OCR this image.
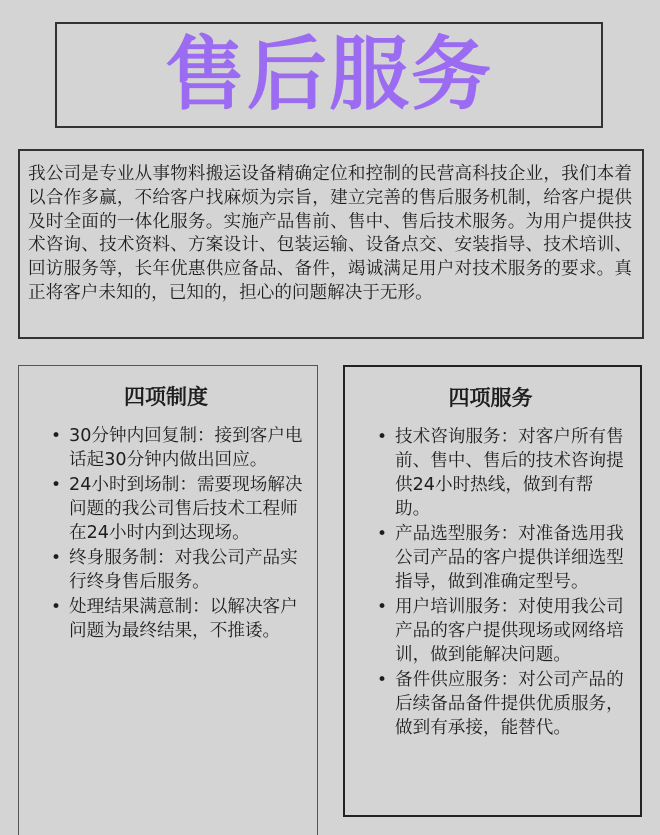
售后服务

我公司是专业从事物料搬运设备精确定位和控制的民营高科技企业，我们本着以合作多赢，不给客户找麻烦为宗旨，建立完善的售后服务机制，给客户提供及时全面的一体化服务。实施产品售前、售中、售后技术服务。为用户提供技术咨询、技术资料、方案设计、包装运输、设备点交、安装指导、技术培训、回访服务等，长年优惠供应备品、备件，竭诚满足用户对技术服务的要求。真正将客户未知的，已知的，担心的问题解决于无形。

四项制度
• 30分钟内回复制：接到客户电话起30分钟内做出回应。
• 24小时到场制：需要现场解决问题的我公司售后技术工程师在24小时内到达现场。
• 终身服务制：对我公司产品实行终身售后服务。
• 处理结果满意制：以解决客户问题为最终结果，不推诿。
四项服务
• 技术咨询服务：对客户所有售前、售中、售后的技术咨询提供24小时热线，做到有帮助。
• 产品选型服务：对准备选用我公司产品的客户提供详细选型指导，做到准确定型号。
• 用户培训服务：对使用我公司产品的客户提供现场或网络培训，做到能解决问题。
• 备件供应服务：对公司产品的后续备品备件提供优质服务，做到有承接，能替代。
